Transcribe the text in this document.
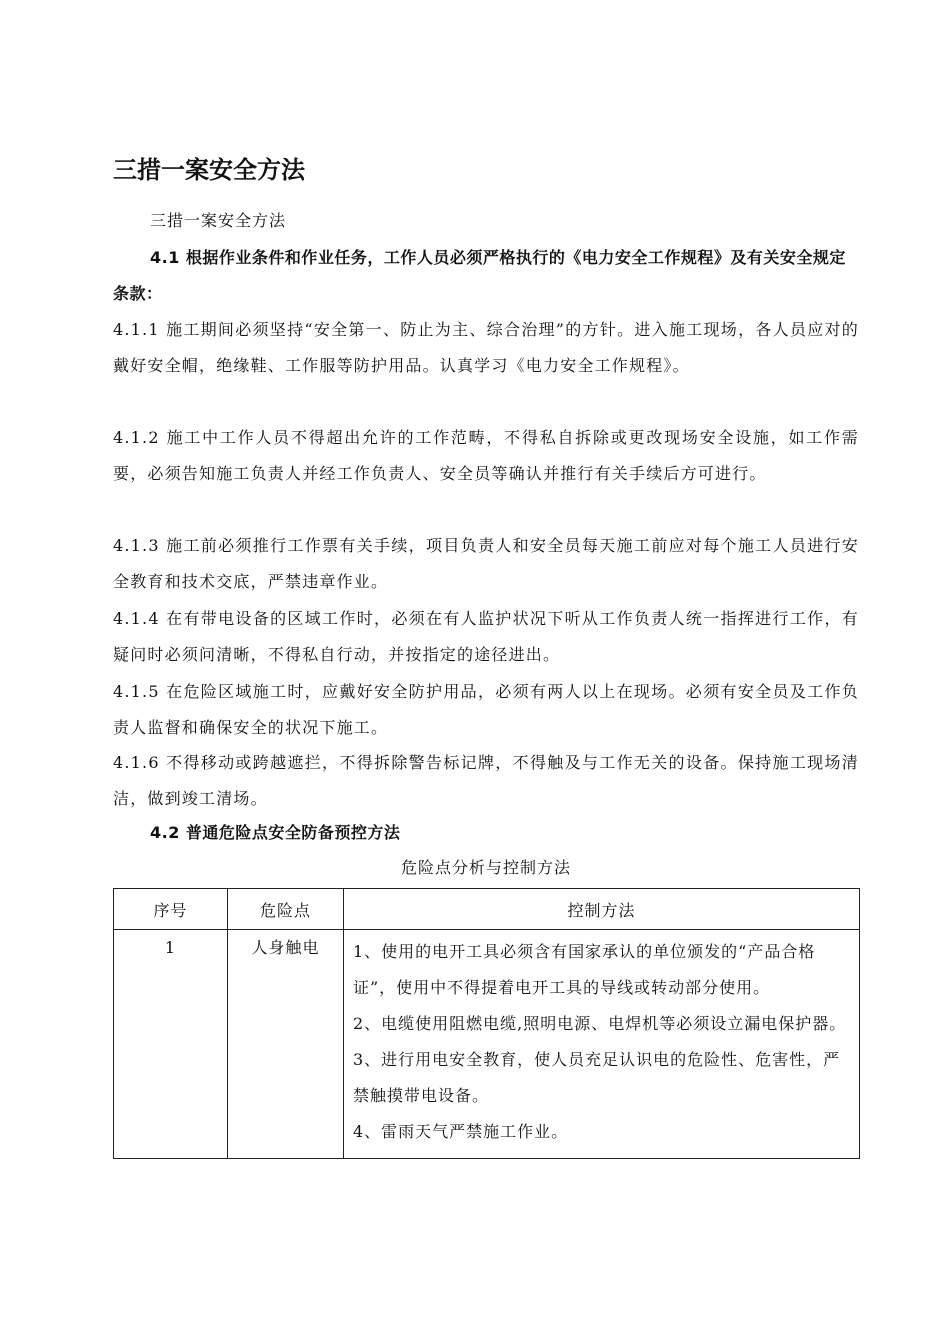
三措一案安全方法
三措一案安全方法
4.1 根据作业条件和作业任务，工作人员必须严格执行的《电力安全工作规程》及有关安全规定条款：
4.1.1 施工期间必须坚持“安全第一、防止为主、综合治理”的方针。进入施工现场，各人员应对的戴好安全帽，绝缘鞋、工作服等防护用品。认真学习《电力安全工作规程》。
4.1.2 施工中工作人员不得超出允许的工作范畴，不得私自拆除或更改现场安全设施，如工作需要，必须告知施工负责人并经工作负责人、安全员等确认并推行有关手续后方可进行。
4.1.3 施工前必须推行工作票有关手续，项目负责人和安全员每天施工前应对每个施工人员进行安全教育和技术交底，严禁违章作业。
4.1.4 在有带电设备的区域工作时，必须在有人监护状况下听从工作负责人统一指挥进行工作，有疑问时必须问清晰，不得私自行动，并按指定的途径进出。
4.1.5 在危险区域施工时，应戴好安全防护用品，必须有两人以上在现场。必须有安全员及工作负责人监督和确保安全的状况下施工。
4.1.6 不得移动或跨越遮拦，不得拆除警告标记牌，不得触及与工作无关的设备。保持施工现场清洁，做到竣工清场。
4.2 普通危险点安全防备预控方法
危险点分析与控制方法
序号	危险点	控制方法
1	人身触电	1、使用的电开工具必须含有国家承认的单位颁发的“产品合格证”，使用中不得提着电开工具的导线或转动部分使用。
2、电缆使用阻燃电缆,照明电源、电焊机等必须设立漏电保护器。
3、进行用电安全教育，使人员充足认识电的危险性、危害性，严禁触摸带电设备。
4、雷雨天气严禁施工作业。
